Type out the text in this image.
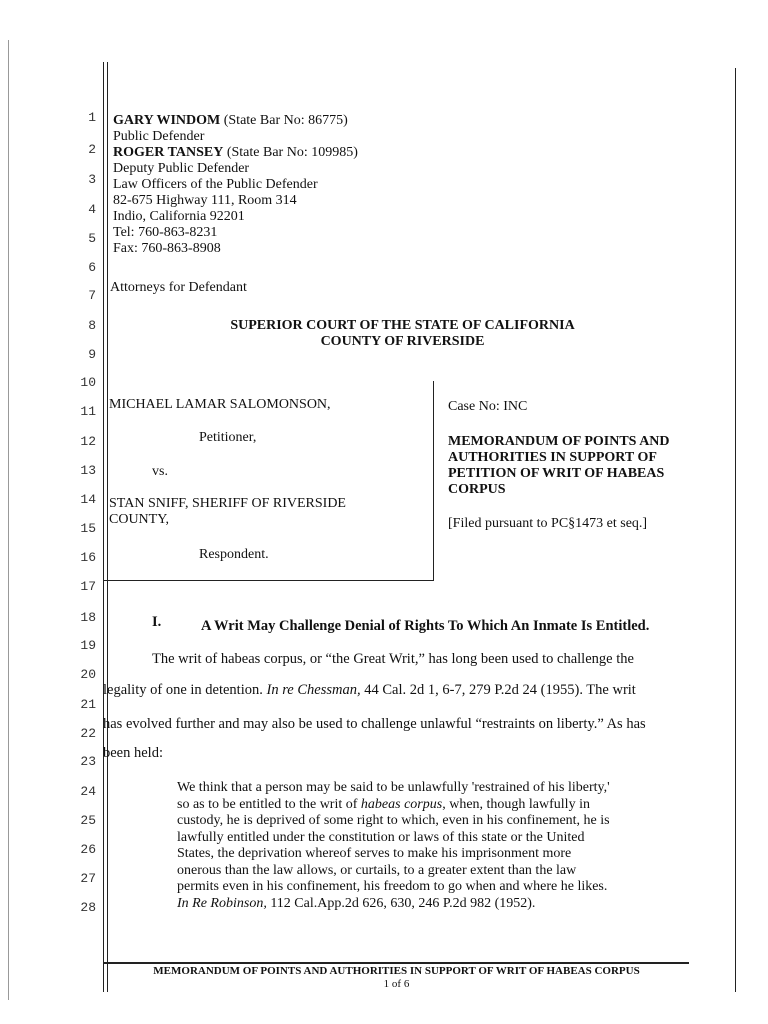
1
2
3
4
5
6
7
8
9
10
11
12
13
14
15
16
17
18
19
20
21
22
23
24
25
26
27
28
GARY WINDOM (State Bar No: 86775)
Public Defender
ROGER TANSEY (State Bar No: 109985)
Deputy Public Defender
Law Officers of the Public Defender
82-675 Highway 111, Room 314
Indio, California 92201
Tel: 760-863-8231
Fax: 760-863-8908
Attorneys for Defendant
SUPERIOR COURT OF THE STATE OF CALIFORNIA
COUNTY OF RIVERSIDE
MICHAEL LAMAR SALOMONSON,
Petitioner,
vs.
STAN SNIFF, SHERIFF OF RIVERSIDE
COUNTY,
Respondent.
Case No: INC
MEMORANDUM OF POINTS AND
AUTHORITIES IN SUPPORT OF
PETITION OF WRIT OF HABEAS
CORPUS
[Filed pursuant to PC§1473 et seq.]
I.	A Writ May Challenge Denial of Rights To Which An Inmate Is Entitled.
The writ of habeas corpus, or “the Great Writ,” has long been used to challenge the
legality of one in detention. In re Chessman, 44 Cal. 2d 1, 6-7, 279 P.2d 24 (1955). The writ
has evolved further and may also be used to challenge unlawful “restraints on liberty.” As has
been held:
We think that a person may be said to be unlawfully 'restrained of his liberty,' so as to be entitled to the writ of habeas corpus, when, though lawfully in custody, he is deprived of some right to which, even in his confinement, he is lawfully entitled under the constitution or laws of this state or the United States, the deprivation whereof serves to make his imprisonment more onerous than the law allows, or curtails, to a greater extent than the law permits even in his confinement, his freedom to go when and where he likes. In Re Robinson, 112 Cal.App.2d 626, 630, 246 P.2d 982 (1952).
MEMORANDUM OF POINTS AND AUTHORITIES IN SUPPORT OF WRIT OF HABEAS CORPUS
1 of 6
